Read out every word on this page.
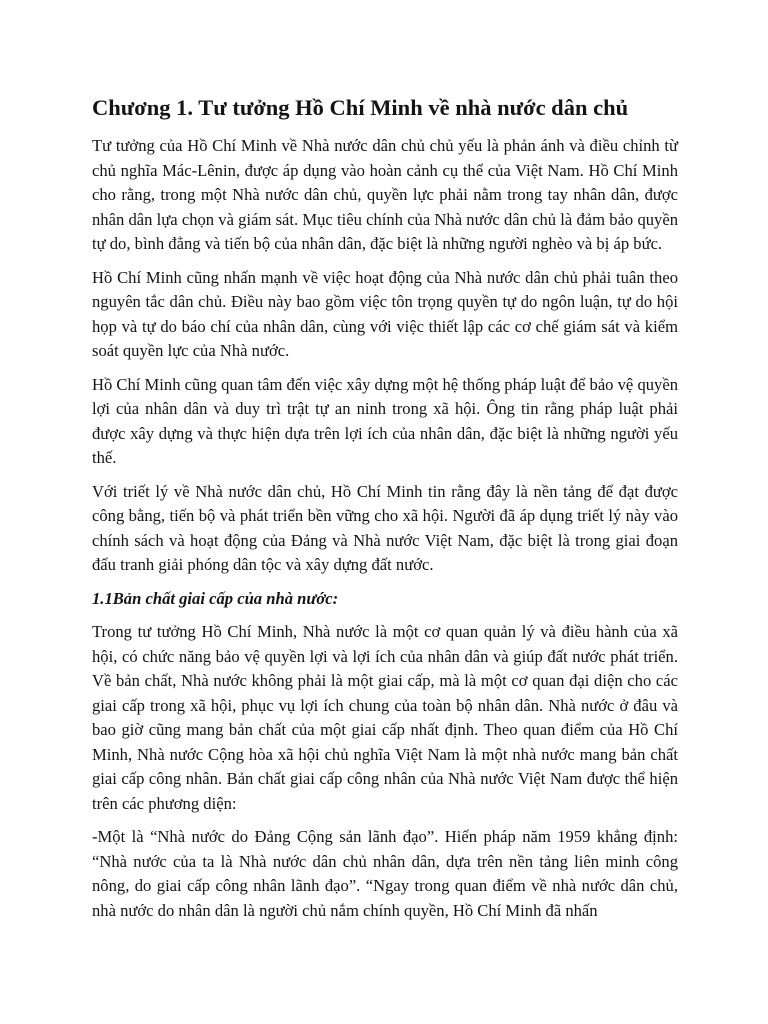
Chương 1. Tư tưởng Hồ Chí Minh về nhà nước dân chủ

Tư tưởng của Hồ Chí Minh về Nhà nước dân chủ chủ yếu là phản ánh và điều chỉnh từ chủ nghĩa Mác-Lênin, được áp dụng vào hoàn cảnh cụ thể của Việt Nam. Hồ Chí Minh cho rằng, trong một Nhà nước dân chủ, quyền lực phải nằm trong tay nhân dân, được nhân dân lựa chọn và giám sát. Mục tiêu chính của Nhà nước dân chủ là đảm bảo quyền tự do, bình đẳng và tiến bộ của nhân dân, đặc biệt là những người nghèo và bị áp bức.

Hồ Chí Minh cũng nhấn mạnh về việc hoạt động của Nhà nước dân chủ phải tuân theo nguyên tắc dân chủ. Điều này bao gồm việc tôn trọng quyền tự do ngôn luận, tự do hội họp và tự do báo chí của nhân dân, cùng với việc thiết lập các cơ chế giám sát và kiểm soát quyền lực của Nhà nước.

Hồ Chí Minh cũng quan tâm đến việc xây dựng một hệ thống pháp luật để bảo vệ quyền lợi của nhân dân và duy trì trật tự an ninh trong xã hội. Ông tin rằng pháp luật phải được xây dựng và thực hiện dựa trên lợi ích của nhân dân, đặc biệt là những người yếu thế.

Với triết lý về Nhà nước dân chủ, Hồ Chí Minh tin rằng đây là nền tảng để đạt được công bằng, tiến bộ và phát triển bền vững cho xã hội. Người đã áp dụng triết lý này vào chính sách và hoạt động của Đảng và Nhà nước Việt Nam, đặc biệt là trong giai đoạn đấu tranh giải phóng dân tộc và xây dựng đất nước.

1.1Bản chất giai cấp của nhà nước:

Trong tư tưởng Hồ Chí Minh, Nhà nước là một cơ quan quản lý và điều hành của xã hội, có chức năng bảo vệ quyền lợi và lợi ích của nhân dân và giúp đất nước phát triển. Về bản chất, Nhà nước không phải là một giai cấp, mà là một cơ quan đại diện cho các giai cấp trong xã hội, phục vụ lợi ích chung của toàn bộ nhân dân. Nhà nước ở đâu và bao giờ cũng mang bản chất của một giai cấp nhất định. Theo quan điểm của Hồ Chí Minh, Nhà nước Cộng hòa xã hội chủ nghĩa Việt Nam là một nhà nước mang bản chất giai cấp công nhân. Bản chất giai cấp công nhân của Nhà nước Việt Nam được thể hiện trên các phương diện:

-Một là “Nhà nước do Đảng Cộng sản lãnh đạo”. Hiến pháp năm 1959 khẳng định: “Nhà nước của ta là Nhà nước dân chủ nhân dân, dựa trên nền tảng liên minh công nông, do giai cấp công nhân lãnh đạo”. “Ngay trong quan điểm về nhà nước dân chủ, nhà nước do nhân dân là người chủ nắm chính quyền, Hồ Chí Minh đã nhấn
